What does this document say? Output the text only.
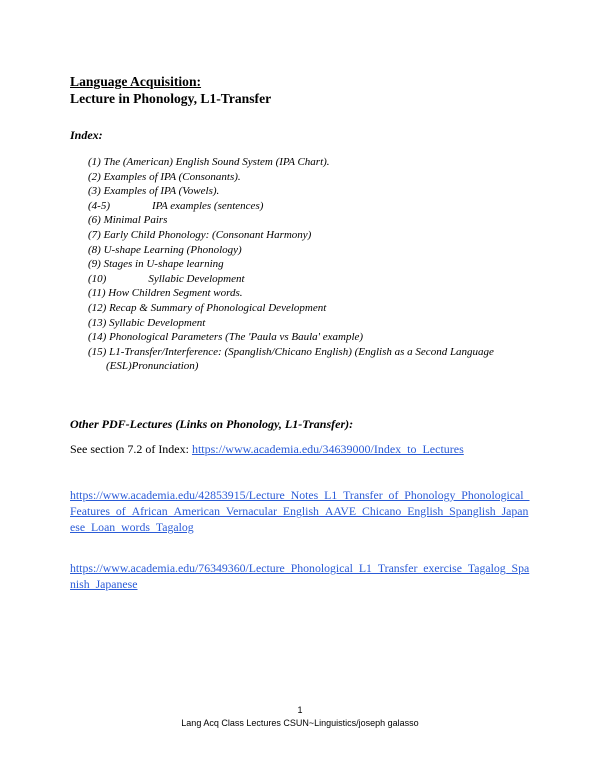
Language Acquisition:
Lecture in Phonology, L1-Transfer
Index:
(1) The (American) English Sound System (IPA Chart).
(2) Examples of IPA (Consonants).
(3) Examples of IPA (Vowels).
(4-5)	IPA examples (sentences)
(6) Minimal Pairs
(7) Early Child Phonology: (Consonant Harmony)
(8) U-shape Learning (Phonology)
(9) Stages in U-shape learning
(10)	Syllabic Development
(11) How Children Segment words.
(12) Recap & Summary of Phonological Development
(13) Syllabic Development
(14) Phonological Parameters (The 'Paula vs Baula' example)
(15) L1-Transfer/Interference: (Spanglish/Chicano English) (English as a Second Language
(ESL)Pronunciation)
Other PDF-Lectures (Links on Phonology, L1-Transfer):
See section 7.2 of Index: https://www.academia.edu/34639000/Index_to_Lectures
https://www.academia.edu/42853915/Lecture_Notes_L1_Transfer_of_Phonology_Phonological_Features_of_African_American_Vernacular_English_AAVE_Chicano_English_Spanglish_Japanese_Loan_words_Tagalog
https://www.academia.edu/76349360/Lecture_Phonological_L1_Transfer_exercise_Tagalog_Spanish_Japanese
1
Lang Acq Class Lectures CSUN~Linguistics/joseph galasso
